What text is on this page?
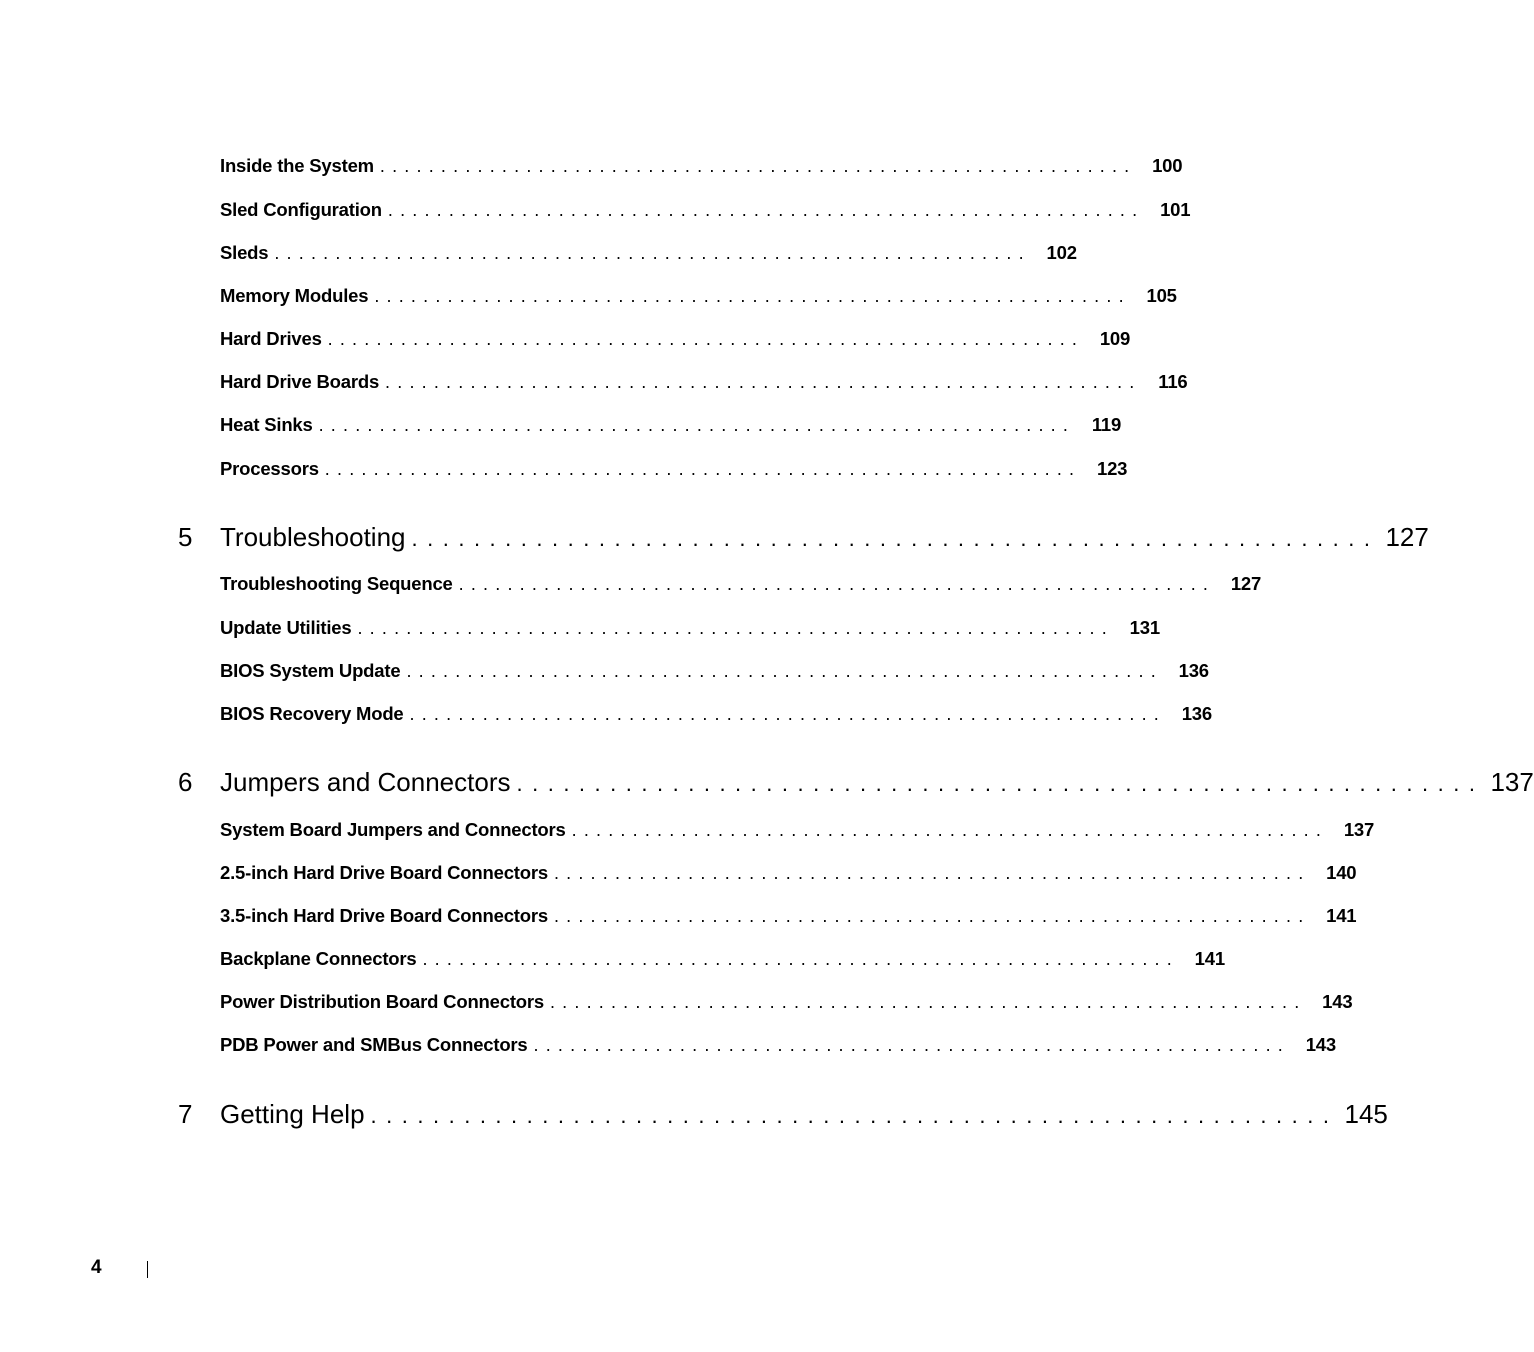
Inside the System .............................................................. 100
Sled Configuration .............................................................. 101
Sleds .............................................................. 102
Memory Modules .............................................................. 105
Hard Drives .............................................................. 109
Hard Drive Boards .............................................................. 116
Heat Sinks .............................................................. 119
Processors .............................................................. 123
5 Troubleshooting .............................................................. 127
Troubleshooting Sequence .............................................................. 127
Update Utilities .............................................................. 131
BIOS System Update .............................................................. 136
BIOS Recovery Mode .............................................................. 136
6 Jumpers and Connectors .............................................................. 137
System Board Jumpers and Connectors .............................................................. 137
2.5-inch Hard Drive Board Connectors .............................................................. 140
3.5-inch Hard Drive Board Connectors .............................................................. 141
Backplane Connectors .............................................................. 141
Power Distribution Board Connectors .............................................................. 143
PDB Power and SMBus Connectors .............................................................. 143
7 Getting Help .............................................................. 145
4
